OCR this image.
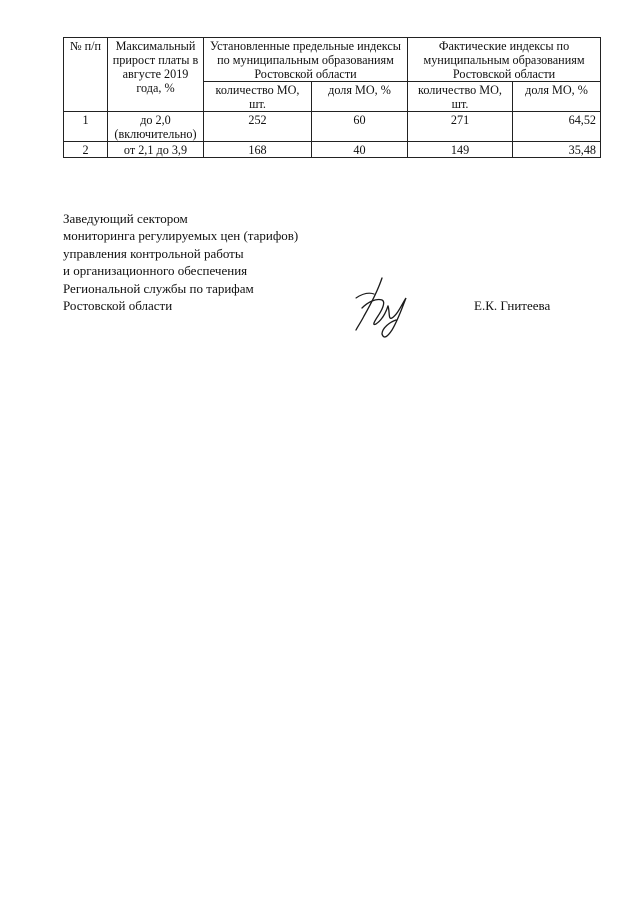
№ п/п	Максимальный прирост платы в августе 2019 года, %	Установленные предельные индексы по муниципальным образованиям Ростовской области		Фактические индексы по муниципальным образованиям Ростовской области	
		количество МО, шт.	доля МО, %	количество МО, шт.	доля МО, %
1	до 2,0 (включительно)	252	60	271	64,52
2	от 2,1 до 3,9	168	40	149	35,48
Заведующий сектором
мониторинга регулируемых цен (тарифов)
управления контрольной работы
и организационного обеспечения
Региональной службы по тарифам
Ростовской области	Е.К. Гнитеева
